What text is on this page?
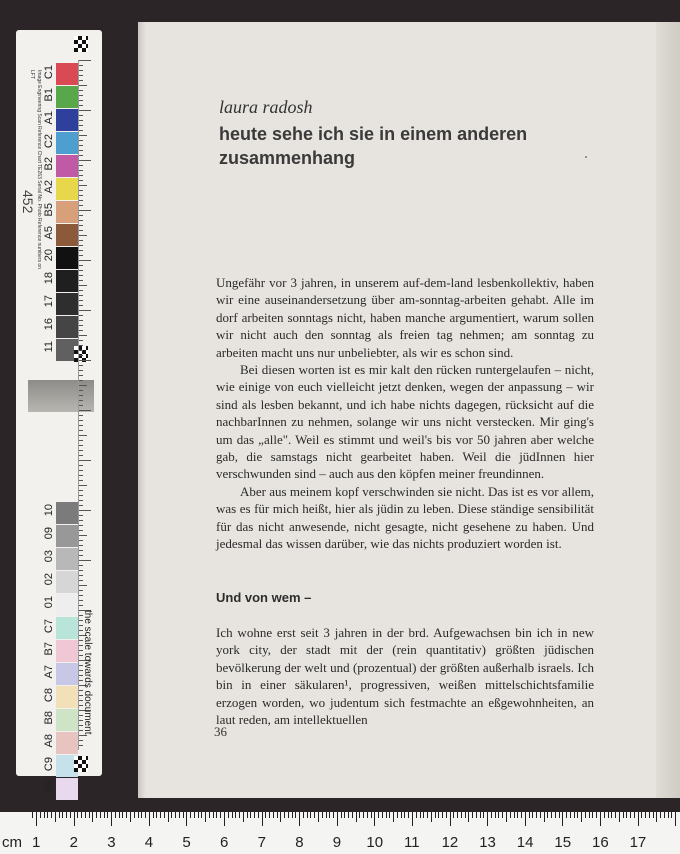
Image Engineering Scan Reference Chart TE263 Serial No. Photo Reference numbers on LFT
452
the scale towards document
C1
B1
A1
C2
B2
A2
B5
A5
20
18
17
16
11
10
09
03
02
01
C7
B7
A7
C8
B8
A8
C9
B9
laura radosh
heute sehe ich sie in einem anderen zusammenhang

Ungefähr vor 3 jahren, in unserem auf-dem-land lesbenkollektiv, haben wir eine auseinandersetzung über am-sonntag-arbeiten gehabt. Alle im dorf arbeiten sonntags nicht, haben manche argumentiert, warum sollen wir nicht auch den sonntag als freien tag nehmen; am sonntag zu arbeiten macht uns nur unbeliebter, als wir es schon sind.

Bei diesen worten ist es mir kalt den rücken runtergelaufen – nicht, wie einige von euch vielleicht jetzt denken, wegen der anpassung – wir sind als lesben bekannt, und ich habe nichts dagegen, rücksicht auf die nachbarInnen zu nehmen, solange wir uns nicht verstecken. Mir ging's um das „alle". Weil es stimmt und weil's bis vor 50 jahren aber welche gab, die samstags nicht gearbeitet haben. Weil die jüdInnen hier verschwunden sind – auch aus den köpfen meiner freundinnen.

Aber aus meinem kopf verschwinden sie nicht. Das ist es vor allem, was es für mich heißt, hier als jüdin zu leben. Diese ständige sensibilität für das nicht anwesende, nicht gesagte, nicht gesehene zu haben. Und jedesmal das wissen darüber, wie das nichts produziert worden ist.

Und von wem –

Ich wohne erst seit 3 jahren in der brd. Aufgewachsen bin ich in new york city, der stadt mit der (rein quantitativ) größten jüdischen bevölkerung der welt und (prozentual) der größten außerhalb israels. Ich bin in einer säkularen¹, progressiven, weißen mittelschichtsfamilie erzogen worden, wo judentum sich festmachte an eßgewohnheiten, an laut reden, am intellektuellen

36
cm 1 2 3 4 5 6 7 8 9 10 11 12 13 14 15 16 17
